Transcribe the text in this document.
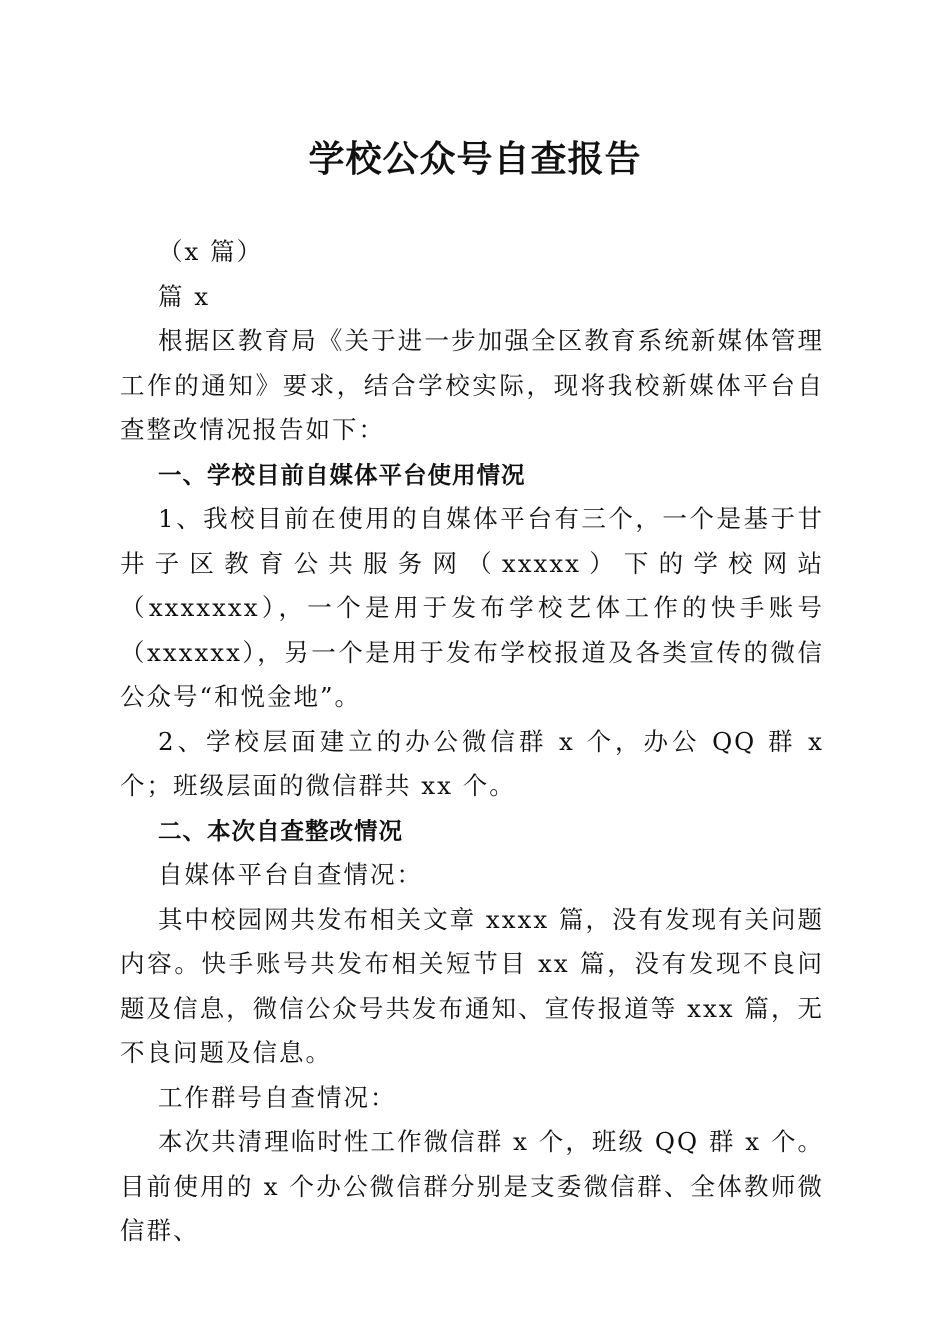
学校公众号自查报告

（x 篇）

篇 x

根据区教育局《关于进一步加强全区教育系统新媒体管理工作的通知》要求，结合学校实际，现将我校新媒体平台自查整改情况报告如下：

一、学校目前自媒体平台使用情况

1、我校目前在使用的自媒体平台有三个，一个是基于甘井子区教育公共服务网（xxxxx）下的学校网站（xxxxxxx），一个是用于发布学校艺体工作的快手账号（xxxxxx），另一个是用于发布学校报道及各类宣传的微信公众号“和悦金地”。

2、学校层面建立的办公微信群 x 个，办公 QQ 群 x 个；班级层面的微信群共 xx 个。

二、本次自查整改情况

自媒体平台自查情况：

其中校园网共发布相关文章 xxxx 篇，没有发现有关问题内容。快手账号共发布相关短节目 xx 篇，没有发现不良问题及信息，微信公众号共发布通知、宣传报道等 xxx 篇，无不良问题及信息。

工作群号自查情况：

本次共清理临时性工作微信群 x 个，班级 QQ 群 x 个。目前使用的 x 个办公微信群分别是支委微信群、全体教师微信群、
